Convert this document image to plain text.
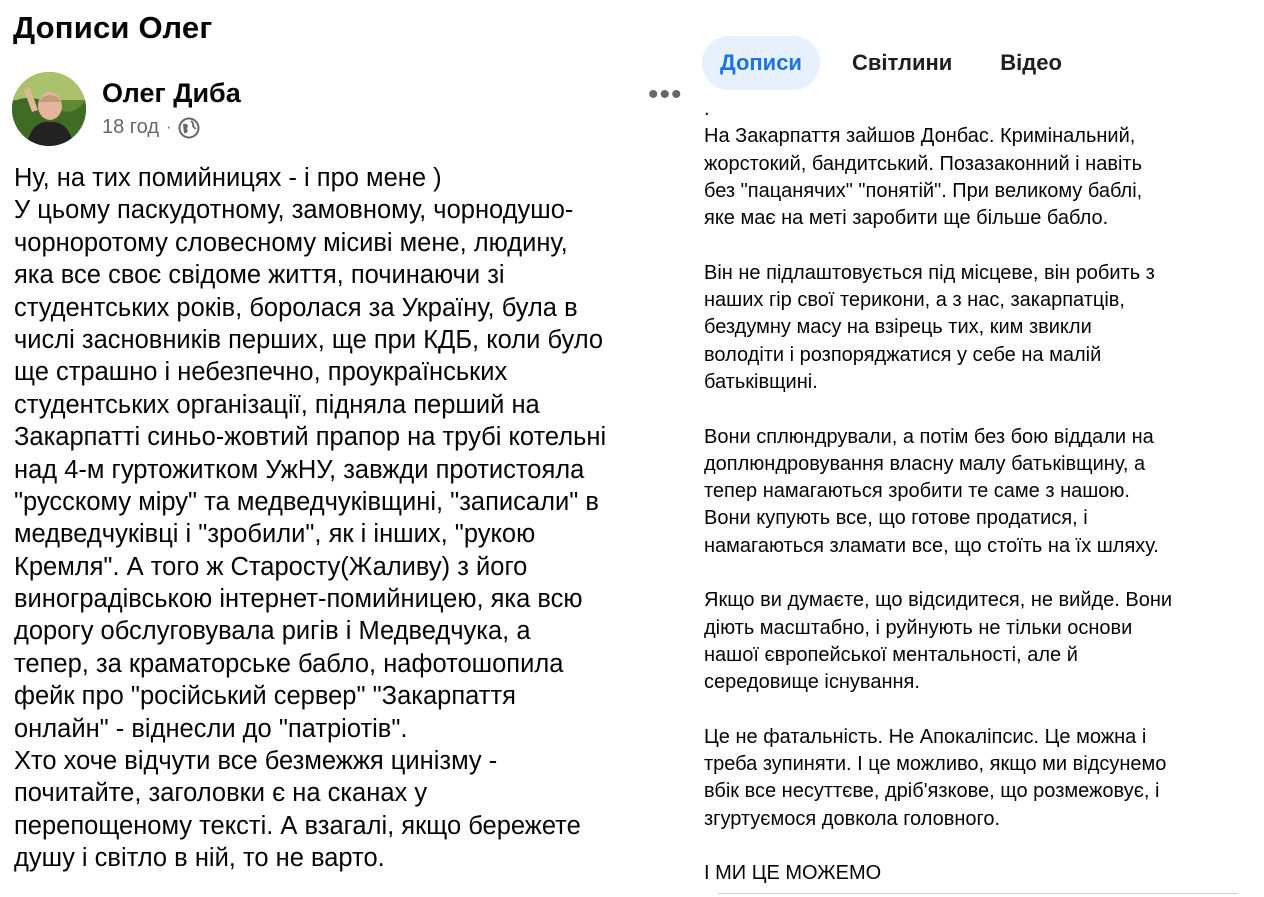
Дописи Олег
Олег Диба
18 год ·
•••
Ну, на тих помийницях - і про мене )
У цьому паскудотному, замовному, чорнодушо-
чорноротому словесному місиві мене, людину,
яка все своє свідоме життя, починаючи зі
студентських років, боролася за Україну, була в
числі засновників перших, ще при КДБ, коли було
ще страшно і небезпечно, проукраїнських
студентських організації, підняла перший на
Закарпатті синьо-жовтий прапор на трубі котельні
над 4-м гуртожитком УжНУ, завжди протистояла
"русскому міру" та медведчуківщині, "записали" в
медведчуківці і "зробили", як і інших, "рукою
Кремля". А того ж Старосту(Жаливу) з його
виноградівською інтернет-помийницею, яка всю
дорогу обслуговувала ригів і Медведчука, а
тепер, за краматорське бабло, нафотошопила
фейк про "російський сервер" "Закарпаття
онлайн" - віднесли до "патріотів".
Хто хоче відчути все безмежжя цинізму -
почитайте, заголовки є на сканах у
перепощеному тексті. А взагалі, якщо бережете
душу і світло в ній, то не варто.
Дописи	Світлини	Відео
.
На Закарпаття зайшов Донбас. Кримінальний,
жорстокий, бандитський. Позазаконний і навіть
без "пацанячих" "понятій". При великому баблі,
яке має на меті заробити ще більше бабло.
Він не підлаштовується під місцеве, він робить з
наших гір свої терикони, а з нас, закарпатців,
бездумну масу на взірець тих, ким звикли
володіти і розпоряджатися у себе на малій
батьківщині.
Вони сплюндрували, а потім без бою віддали на
доплюндровування власну малу батьківщину, а
тепер намагаються зробити те саме з нашою.
Вони купують все, що готове продатися, і
намагаються зламати все, що стоїть на їх шляху.
Якщо ви думаєте, що відсидитеся, не вийде. Вони
діють масштабно, і руйнують не тільки основи
нашої європейської ментальності, але й
середовище існування.
Це не фатальність. Не Апокаліпсис. Це можна і
треба зупиняти. І це можливо, якщо ми відсунемо
вбік все несуттєве, дріб'язкове, що розмежовує, і
згуртуємося довкола головного.
І МИ ЦЕ МОЖЕМО
